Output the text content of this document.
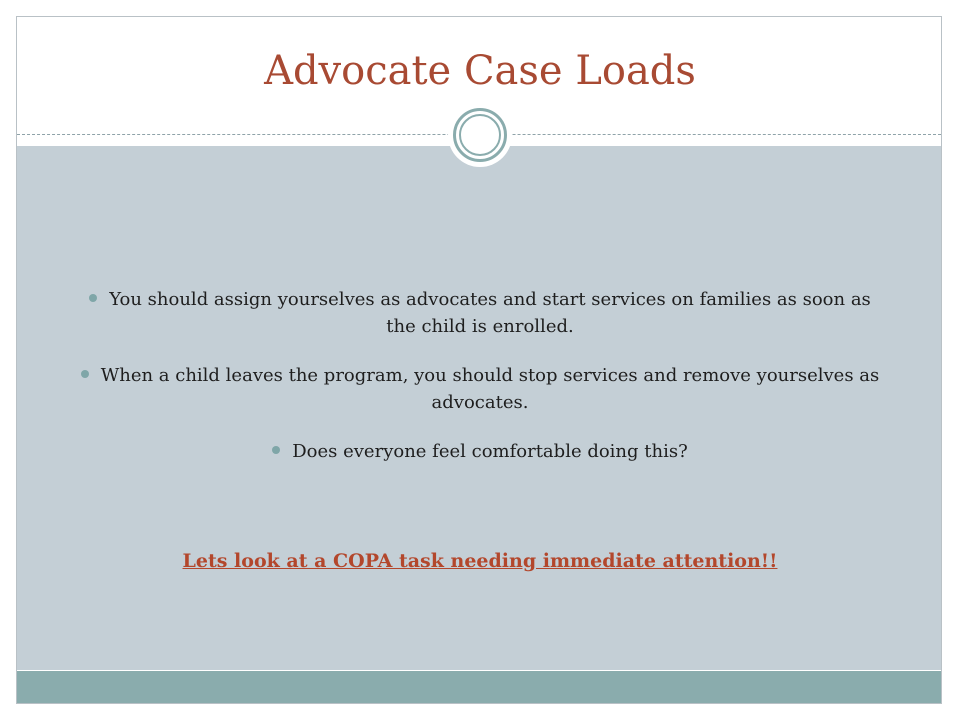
Advocate Case Loads
You should assign yourselves as advocates and start services on families as soon as the child is enrolled.
When a child leaves the program, you should stop services and remove yourselves as advocates.
Does everyone feel comfortable doing this?
Lets look at a COPA task needing immediate attention!!
